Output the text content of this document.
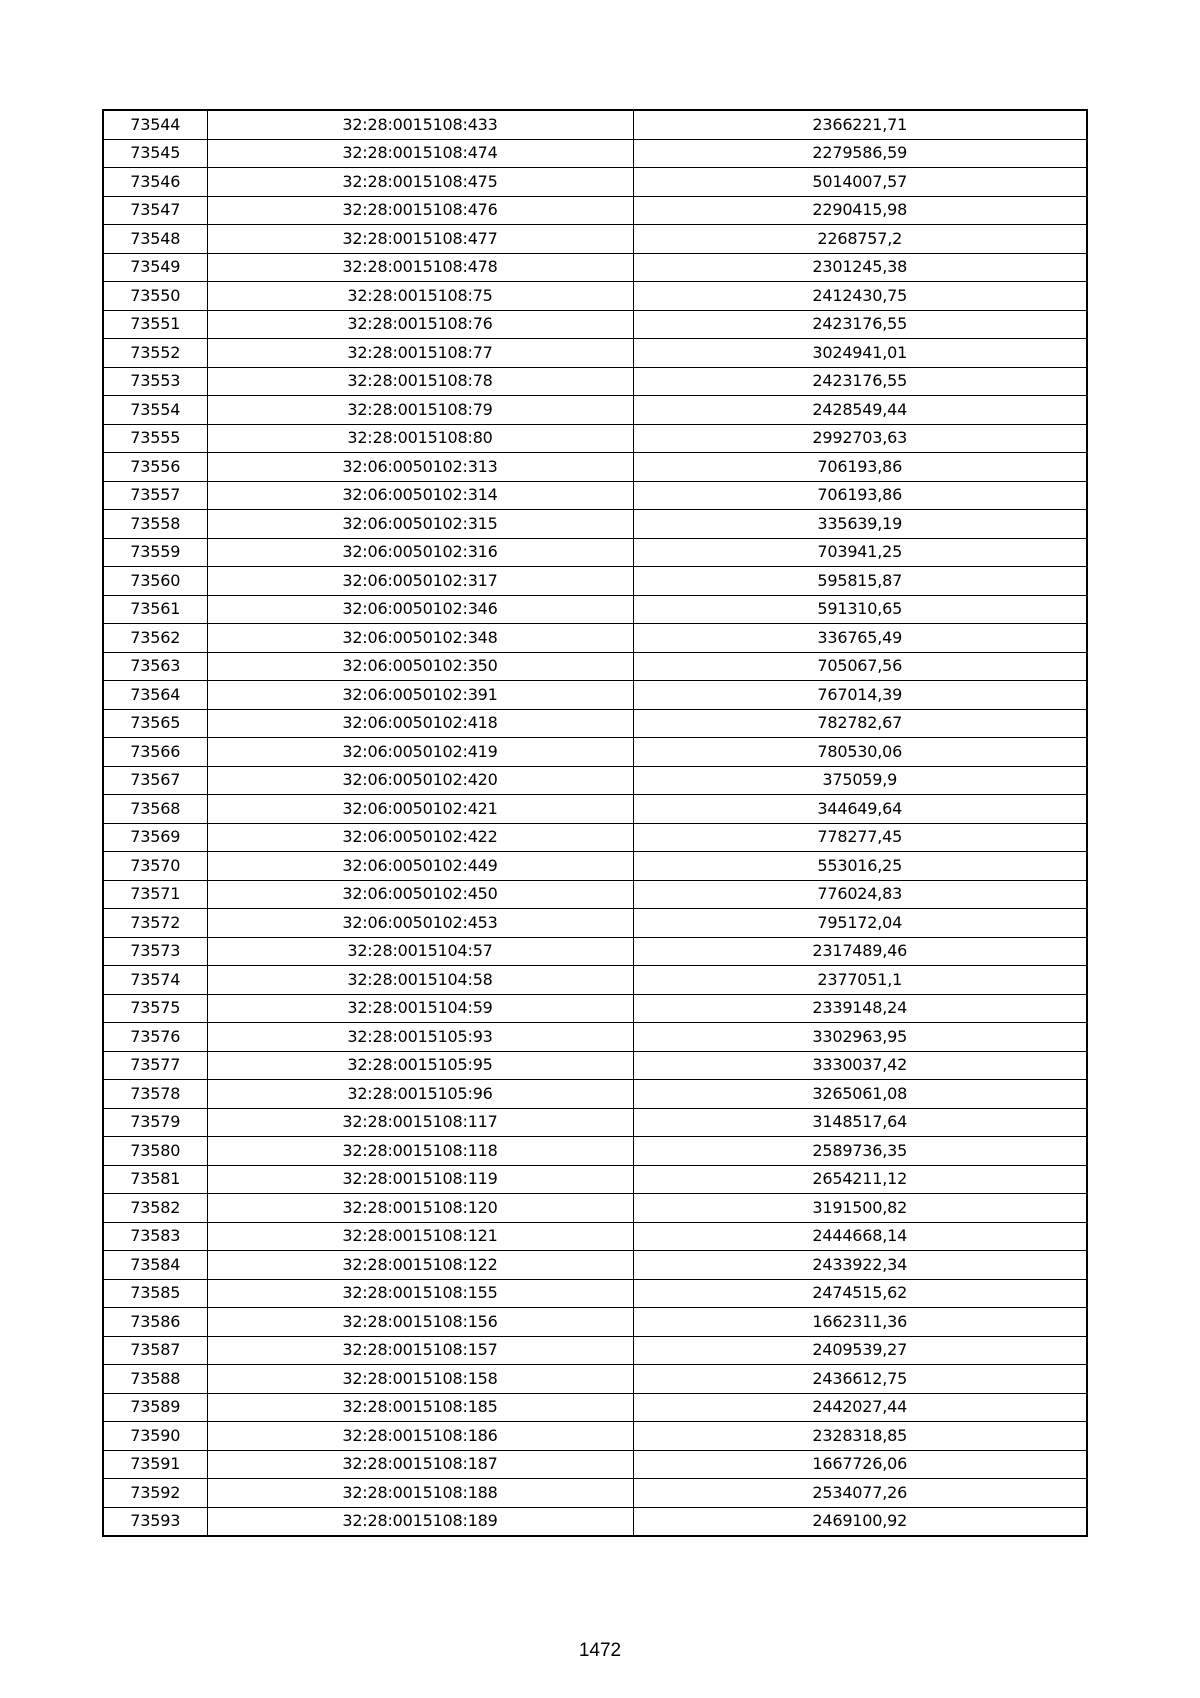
73544	32:28:0015108:433	2366221,71
73545	32:28:0015108:474	2279586,59
73546	32:28:0015108:475	5014007,57
73547	32:28:0015108:476	2290415,98
73548	32:28:0015108:477	2268757,2
73549	32:28:0015108:478	2301245,38
73550	32:28:0015108:75	2412430,75
73551	32:28:0015108:76	2423176,55
73552	32:28:0015108:77	3024941,01
73553	32:28:0015108:78	2423176,55
73554	32:28:0015108:79	2428549,44
73555	32:28:0015108:80	2992703,63
73556	32:06:0050102:313	706193,86
73557	32:06:0050102:314	706193,86
73558	32:06:0050102:315	335639,19
73559	32:06:0050102:316	703941,25
73560	32:06:0050102:317	595815,87
73561	32:06:0050102:346	591310,65
73562	32:06:0050102:348	336765,49
73563	32:06:0050102:350	705067,56
73564	32:06:0050102:391	767014,39
73565	32:06:0050102:418	782782,67
73566	32:06:0050102:419	780530,06
73567	32:06:0050102:420	375059,9
73568	32:06:0050102:421	344649,64
73569	32:06:0050102:422	778277,45
73570	32:06:0050102:449	553016,25
73571	32:06:0050102:450	776024,83
73572	32:06:0050102:453	795172,04
73573	32:28:0015104:57	2317489,46
73574	32:28:0015104:58	2377051,1
73575	32:28:0015104:59	2339148,24
73576	32:28:0015105:93	3302963,95
73577	32:28:0015105:95	3330037,42
73578	32:28:0015105:96	3265061,08
73579	32:28:0015108:117	3148517,64
73580	32:28:0015108:118	2589736,35
73581	32:28:0015108:119	2654211,12
73582	32:28:0015108:120	3191500,82
73583	32:28:0015108:121	2444668,14
73584	32:28:0015108:122	2433922,34
73585	32:28:0015108:155	2474515,62
73586	32:28:0015108:156	1662311,36
73587	32:28:0015108:157	2409539,27
73588	32:28:0015108:158	2436612,75
73589	32:28:0015108:185	2442027,44
73590	32:28:0015108:186	2328318,85
73591	32:28:0015108:187	1667726,06
73592	32:28:0015108:188	2534077,26
73593	32:28:0015108:189	2469100,92
1472
